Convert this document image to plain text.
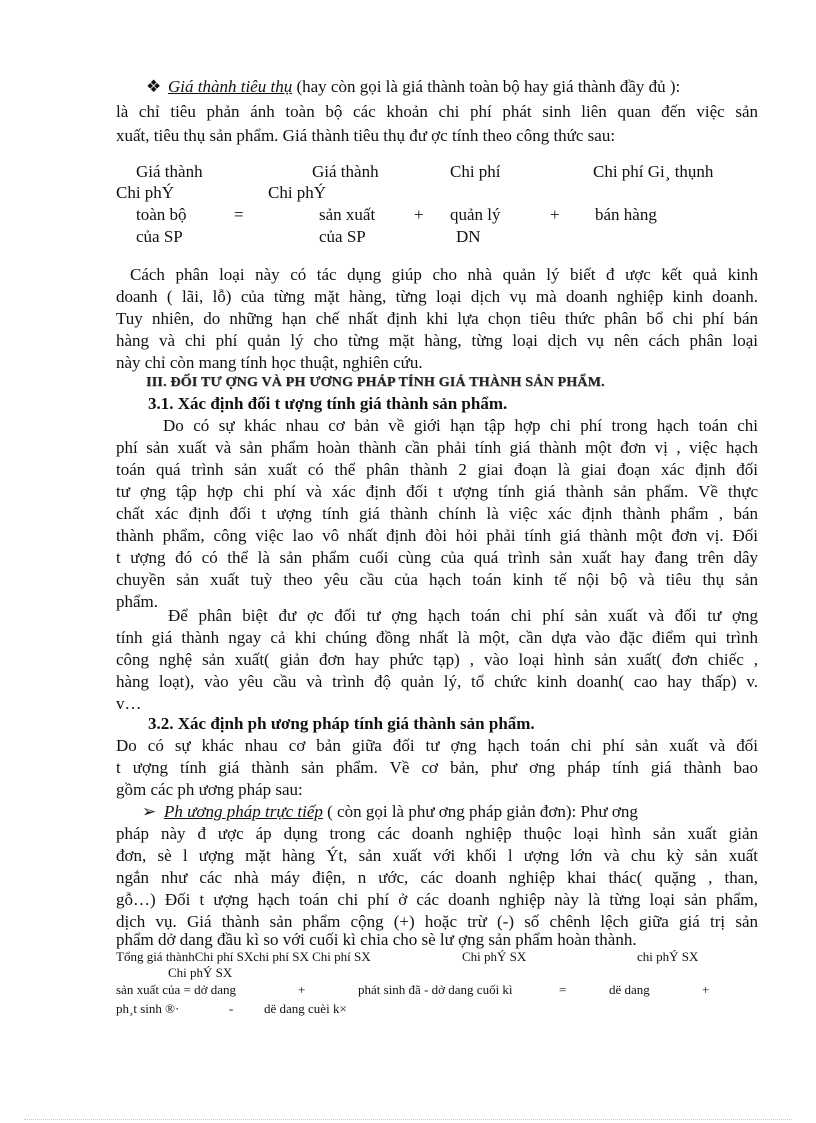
❖ Giá thành tiêu thụ (hay còn gọi là giá thành toàn bộ hay giá thành đầy đủ ):
là chỉ tiêu phản ánh toàn bộ các khoản chi phí phát sinh liên quan đến việc sản
xuất, tiêu thụ sản phẩm. Giá thành tiêu thụ đư ợc tính theo công thức sau:
Giá thành	Giá thành	Chi phí	Chi phí Gi¸ thụnh
Chi phÝ	Chi phÝ
toàn bộ	=	sản xuất + quản lý	+ bán hàng
của SP	của SP	DN
Cách phân loại này có tác dụng giúp cho nhà quản lý biết đ ược kết quả kinh
doanh ( lãi, lỗ) của từng mặt hàng, từng loại dịch vụ mà doanh nghiệp kinh doanh.
Tuy nhiên, do những hạn chế nhất định khi lựa chọn tiêu thức phân bổ chi phí bán
hàng và chi phí quản lý cho từng mặt hàng, từng loại dịch vụ nên cách phân loại
này chỉ còn mang tính học thuật, nghiên cứu.
III. ĐỐI TƯ ỢNG VÀ PH ƯƠNG PHÁP TÍNH GIÁ THÀNH SẢN PHẨM.
3.1. Xác định đối t ượng tính giá thành sản phẩm.
Do có sự khác nhau cơ bản về giới hạn tập hợp chi phí trong hạch toán chi
phí sản xuất và sản phẩm hoàn thành cần phải tính giá thành một đơn vị , việc hạch
toán quá trình sản xuất có thể phân thành 2 giai đoạn là giai đoạn xác định đối
tư ợng tập hợp chi phí và xác định đối t ượng tính giá thành sản phẩm. Về thực
chất xác định đối t ượng tính giá thành chính là việc xác định thành phẩm , bán
thành phẩm, công việc lao vô nhất định đòi hỏi phải tính giá thành một đơn vị. Đối
t ượng đó có thể là sản phẩm cuối cùng của quá trình sản xuất hay đang trên dây
chuyền sản xuất tuỳ theo yêu cầu của hạch toán kinh tế nội bộ và tiêu thụ sản
phẩm.
Để phân biệt đư ợc đối tư ợng hạch toán chi phí sản xuất và đối tư ợng
tính giá thành ngay cả khi chúng đồng nhất là một, cần dựa vào đặc điểm qui trình
công nghệ sản xuất( giản đơn hay phức tạp) , vào loại hình sản xuất( đơn chiếc ,
hàng loạt), vào yêu cầu và trình độ quản lý, tổ chức kinh doanh( cao hay thấp) v.
v…
3.2. Xác định ph ương pháp tính giá thành sản phẩm.
Do có sự khác nhau cơ bản giữa đối tư ợng hạch toán chi phí sản xuất và đối
t ượng tính giá thành sản phẩm. Về cơ bản, phư ơng pháp tính giá thành bao
gồm các ph ương pháp sau:
➢ Ph ương pháp trực tiếp ( còn gọi là phư ơng pháp giản đơn): Phư ơng
pháp này đ ược áp dụng trong các doanh nghiệp thuộc loại hình sản xuất giản
đơn, sè l ượng mặt hàng Ýt, sản xuất với khối l ượng lớn và chu kỳ sản xuất
ngắn như các nhà máy điện, n ước, các doanh nghiệp khai thác( quặng , than,
gỗ…) Đối t ượng hạch toán chi phí ở các doanh nghiệp này là từng loại sản phẩm,
dịch vụ. Giá thành sản phẩm cộng (+) hoặc trừ (-) số chênh lệch giữa giá trị sản
phẩm dở dang đầu kì so với cuối kì chia cho sè lư ợng sản phẩm hoàn thành.
Tổng giá thànhChi phí SXchi phí SX Chi phí SX	Chi phÝ SX	chi phÝ SX
Chi phÝ SX
sản xuất của = dở dang	+	phát sinh đã - dở dang cuối kì	=	dë dang	+
ph¸t sinh ®·	- dë dang cuèi k×
